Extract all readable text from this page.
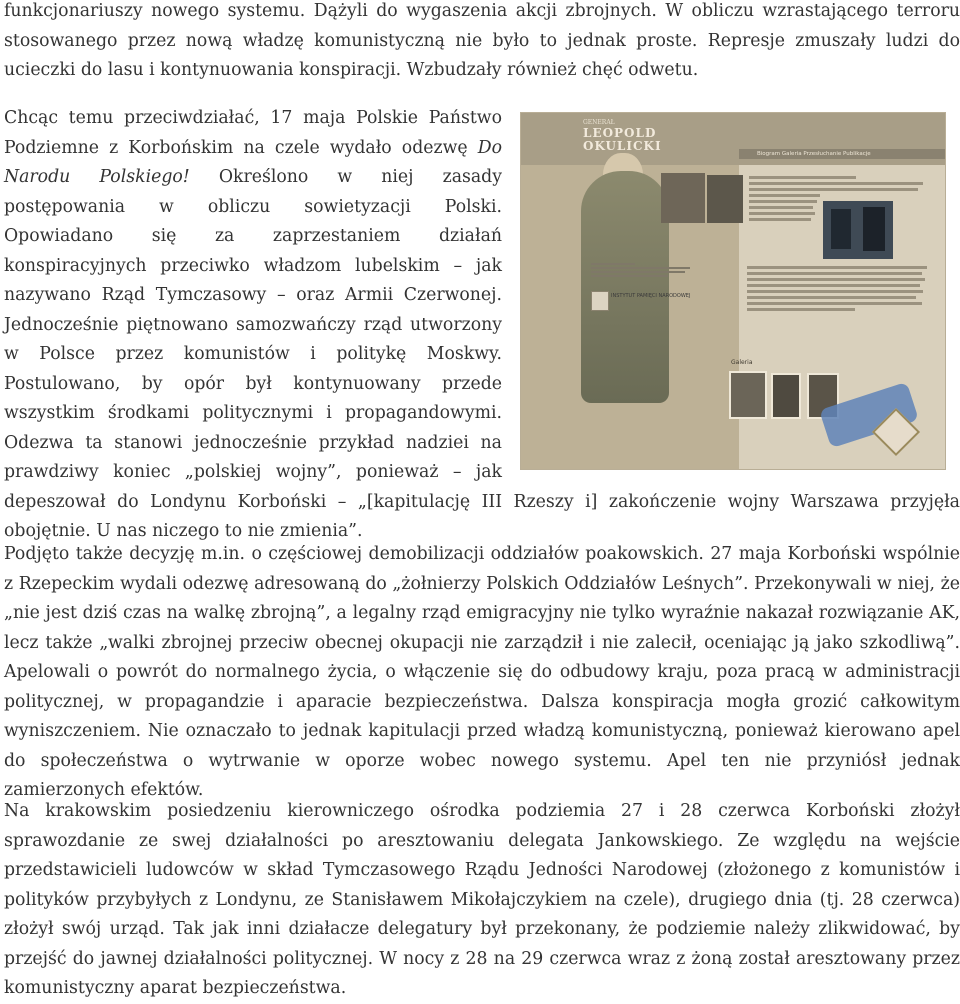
funkcjonariuszy nowego systemu. Dążyli do wygaszenia akcji zbrojnych. W obliczu wzrastającego terroru stosowanego przez nową władzę komunistyczną nie było to jednak proste. Represje zmuszały ludzi do ucieczki do lasu i kontynuowania konspiracji. Wzbudzały również chęć odwetu.

GENERAŁ
LEOPOLD
OKULICKI
Biogram Galeria Przesłuchanie Publikacje
INSTYTUT PAMIĘCI NARODOWEJ
Galeria
Chcąc temu przeciwdziałać, 17 maja Polskie Państwo Podziemne z Korbońskim na czele wydało odezwę Do Narodu Polskiego! Określono w niej zasady postępowania w obliczu sowietyzacji Polski. Opowiadano się za zaprzestaniem działań konspiracyjnych przeciwko władzom lubelskim – jak nazywano Rząd Tymczasowy – oraz Armii Czerwonej. Jednocześnie piętnowano samozwańczy rząd utworzony w Polsce przez komunistów i politykę Moskwy. Postulowano, by opór był kontynuowany przede wszystkim środkami politycznymi i propagandowymi. Odezwa ta stanowi jednocześnie przykład nadziei na prawdziwy koniec „polskiej wojny”, ponieważ – jak depeszował do Londynu Korboński – „[kapitulację III Rzeszy i] zakończenie wojny Warszawa przyjęła obojętnie. U nas niczego to nie zmienia”.

Podjęto także decyzję m.in. o częściowej demobilizacji oddziałów poakowskich. 27 maja Korboński wspólnie z Rzepeckim wydali odezwę adresowaną do „żołnierzy Polskich Oddziałów Leśnych”. Przekonywali w niej, że „nie jest dziś czas na walkę zbrojną”, a legalny rząd emigracyjny nie tylko wyraźnie nakazał rozwiązanie AK, lecz także „walki zbrojnej przeciw obecnej okupacji nie zarządził i nie zalecił, oceniając ją jako szkodliwą”. Apelowali o powrót do normalnego życia, o włączenie się do odbudowy kraju, poza pracą w administracji politycznej, w propagandzie i aparacie bezpieczeństwa. Dalsza konspiracja mogła grozić całkowitym wyniszczeniem. Nie oznaczało to jednak kapitulacji przed władzą komunistyczną, ponieważ kierowano apel do społeczeństwa o wytrwanie w oporze wobec nowego systemu. Apel ten nie przyniósł jednak zamierzonych efektów.

Na krakowskim posiedzeniu kierowniczego ośrodka podziemia 27 i 28 czerwca Korboński złożył sprawozdanie ze swej działalności po aresztowaniu delegata Jankowskiego. Ze względu na wejście przedstawicieli ludowców w skład Tymczasowego Rządu Jedności Narodowej (złożonego z komunistów i polityków przybyłych z Londynu, ze Stanisławem Mikołajczykiem na czele), drugiego dnia (tj. 28 czerwca) złożył swój urząd. Tak jak inni działacze delegatury był przekonany, że podziemie należy zlikwidować, by przejść do jawnej działalności politycznej. W nocy z 28 na 29 czerwca wraz z żoną został aresztowany przez komunistyczny aparat bezpieczeństwa.
